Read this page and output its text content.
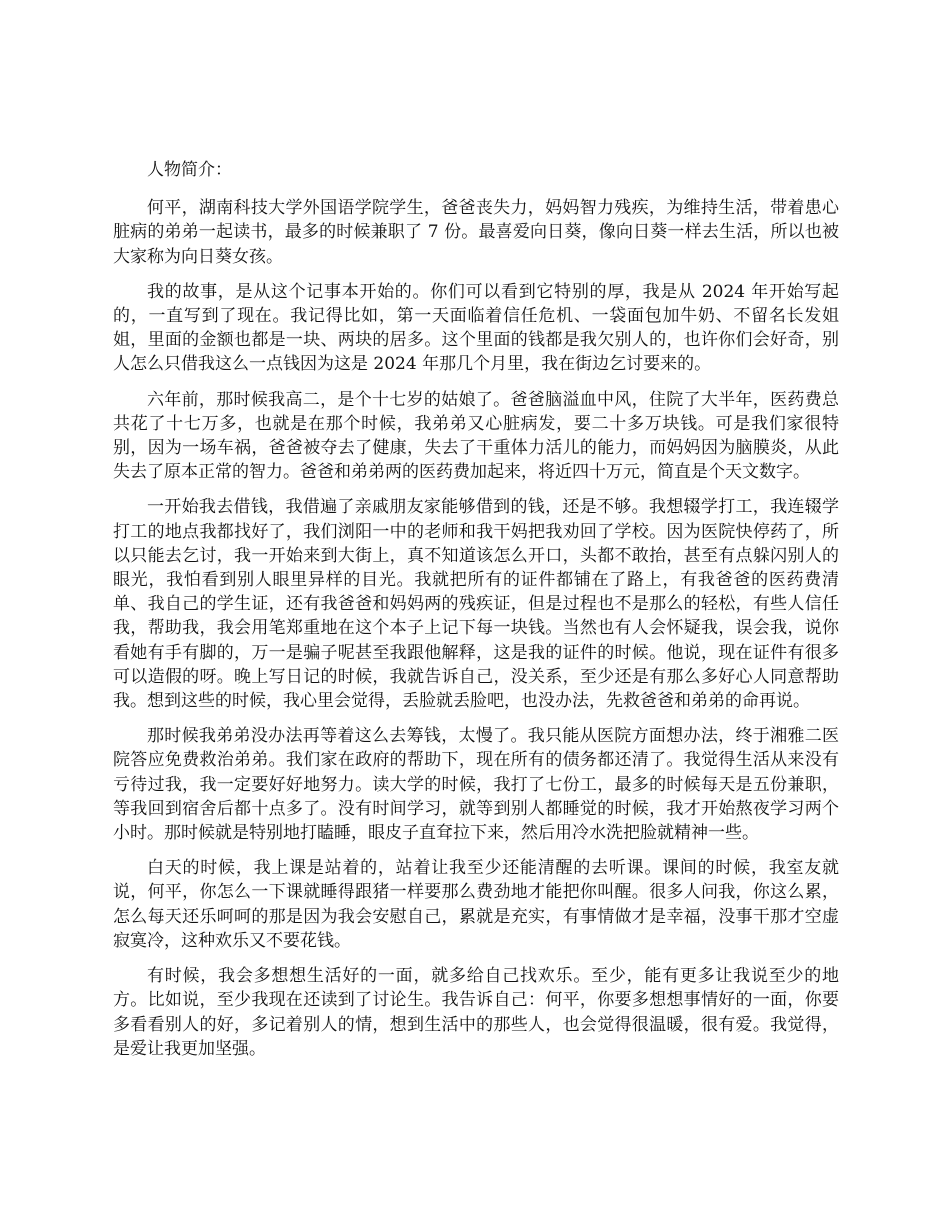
人物简介：

何平，湖南科技大学外国语学院学生，爸爸丧失力，妈妈智力残疾，为维持生活，带着患心脏病的弟弟一起读书，最多的时候兼职了 7 份。最喜爱向日葵，像向日葵一样去生活，所以也被大家称为向日葵女孩。

我的故事，是从这个记事本开始的。你们可以看到它特别的厚，我是从 2024 年开始写起的，一直写到了现在。我记得比如，第一天面临着信任危机、一袋面包加牛奶、不留名长发姐姐，里面的金额也都是一块、两块的居多。这个里面的钱都是我欠别人的，也许你们会好奇，别人怎么只借我这么一点钱因为这是 2024 年那几个月里，我在街边乞讨要来的。

六年前，那时候我高二，是个十七岁的姑娘了。爸爸脑溢血中风，住院了大半年，医药费总共花了十七万多，也就是在那个时候，我弟弟又心脏病发，要二十多万块钱。可是我们家很特别，因为一场车祸，爸爸被夺去了健康，失去了干重体力活儿的能力，而妈妈因为脑膜炎，从此失去了原本正常的智力。爸爸和弟弟两的医药费加起来，将近四十万元，简直是个天文数字。

一开始我去借钱，我借遍了亲戚朋友家能够借到的钱，还是不够。我想辍学打工，我连辍学打工的地点我都找好了，我们浏阳一中的老师和我干妈把我劝回了学校。因为医院快停药了，所以只能去乞讨，我一开始来到大街上，真不知道该怎么开口，头都不敢抬，甚至有点躲闪别人的眼光，我怕看到别人眼里异样的目光。我就把所有的证件都铺在了路上，有我爸爸的医药费清单、我自己的学生证，还有我爸爸和妈妈两的残疾证，但是过程也不是那么的轻松，有些人信任我，帮助我，我会用笔郑重地在这个本子上记下每一块钱。当然也有人会怀疑我，误会我，说你看她有手有脚的，万一是骗子呢甚至我跟他解释，这是我的证件的时候。他说，现在证件有很多可以造假的呀。晚上写日记的时候，我就告诉自己，没关系，至少还是有那么多好心人同意帮助我。想到这些的时候，我心里会觉得，丢脸就丢脸吧，也没办法，先救爸爸和弟弟的命再说。

那时候我弟弟没办法再等着这么去筹钱，太慢了。我只能从医院方面想办法，终于湘雅二医院答应免费救治弟弟。我们家在政府的帮助下，现在所有的债务都还清了。我觉得生活从来没有亏待过我，我一定要好好地努力。读大学的时候，我打了七份工，最多的时候每天是五份兼职，等我回到宿舍后都十点多了。没有时间学习，就等到别人都睡觉的时候，我才开始熬夜学习两个小时。那时候就是特别地打瞌睡，眼皮子直耷拉下来，然后用冷水洗把脸就精神一些。

白天的时候，我上课是站着的，站着让我至少还能清醒的去听课。课间的时候，我室友就说，何平，你怎么一下课就睡得跟猪一样要那么费劲地才能把你叫醒。很多人问我，你这么累，怎么每天还乐呵呵的那是因为我会安慰自己，累就是充实，有事情做才是幸福，没事干那才空虚寂寞冷，这种欢乐又不要花钱。

有时候，我会多想想生活好的一面，就多给自己找欢乐。至少，能有更多让我说至少的地方。比如说，至少我现在还读到了讨论生。我告诉自己：何平，你要多想想事情好的一面，你要多看看别人的好，多记着别人的情，想到生活中的那些人，也会觉得很温暖，很有爱。我觉得，是爱让我更加坚强。
